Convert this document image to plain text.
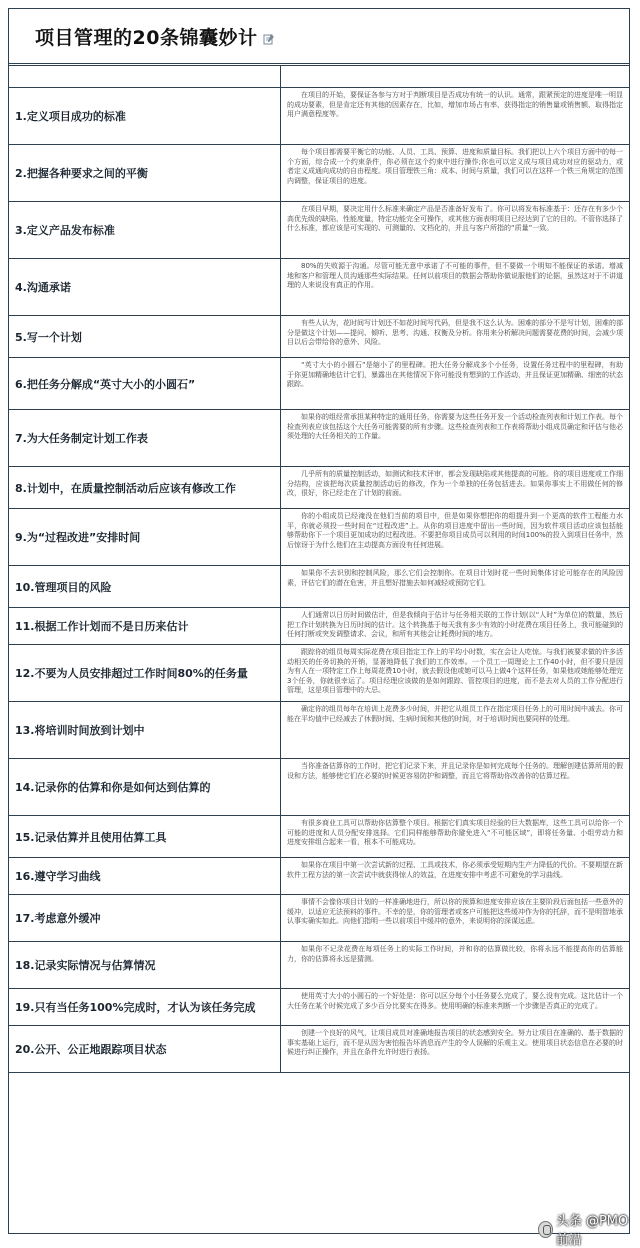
项目管理的20条锦囊妙计
1.定义项目成功的标准
在项目的开始，要保证各参与方对于判断项目是否成功有统一的认识。通常，跟紧预定的进度是唯一明显的成功要素，但是肯定还有其他的因素存在，比如，增加市场占有率、获得指定的销售量或销售额、取得指定用户满意程度等。
2.把握各种要求之间的平衡
每个项目都需要平衡它的功能、人员、工具、预算、进度和质量目标。我们把以上六个项目方面中的每一个方面，综合成一个约束条件，你必须在这个约束中进行操作;你也可以定义成与项目成功对应的驱动力，或者定义成通向成功的自由程度。项目管理铁三角：成本、时间与质量，我们可以在这样一个铁三角规定的范围内调整，保证项目的进度。
3.定义产品发布标准
在项目早期，要决定用什么标准来确定产品是否准备好发布了。你可以将发布标准基于：还存在有多少个高优先级的缺陷，性能度量，特定功能完全可操作，或其他方面表明项目已经达到了它的目的。不管你选择了什么标准，都应该是可实现的、可测量的、文档化的，并且与客户所指的“质量”一致。
4.沟通承诺
80%的失败源于沟通。尽管可能无意中承诺了不可能的事件，但不要做一个明知不能保证的承诺。增减地和客户和管理人员沟通那些实际结果。任何以前项目的数据会帮助你做说服他们的论据，虽然这对于不讲道理的人来说没有真正的作用。
5.写一个计划
有些人认为，花时间写计划还不如花时间写代码，但是我不这么认为。困难的部分不是写计划，困难的部分是做这个计划——提问、倾听、思考、沟通、权衡及分析。你用来分析解决问题需要花费的时间，会减少项目以后会带给你的意外、风险。
6.把任务分解成“英寸大小的小圆石”
“英寸大小的小圆石”是缩小了的里程碑。把大任务分解成多个小任务，设置任务过程中的里程碑，有助于你更加精确地估计它们，暴露出在其他情况下你可能没有想到的工作活动，并且保证更加精确、细密的状态跟踪。
7.为大任务制定计划工作表
如果你的组经常承担某种特定的通用任务，你需要为这些任务开发一个活动检查列表和计划工作表。每个检查列表应该包括这个大任务可能需要的所有步骤。这些检查列表和工作表将帮助小组成员确定和评估与他必须处理的大任务相关的工作量。
8.计划中，在质量控制活动后应该有修改工作
几乎所有的质量控制活动，如测试和技术评审，都会发现缺陷或其他提高的可能。你的项目进度或工作细分结构，应该把每次质量控制活动后的修改，作为一个单独的任务包括进去。如果你事实上不用做任何的修改，很好，你已经走在了计划的前面。
9.为“过程改进”安排时间
你的小组成员已经淹没在他们当前的项目中，但是如果你想把你的组提升到一个更高的软件工程能力水平，你就必须投一些时间在“过程改进”上。从你的项目进度中留出一些时间，因为软件项目活动应该包括能够帮助你下一个项目更加成功的过程改进。不要把你项目成员可以利用的时间100%的投入到项目任务中，然后惊讶于为什么他们在主动提高方面没有任何进展。
10.管理项目的风险
如果你不去识别和控制风险，那么它们会控制你。在项目计划时花一些时间集体讨论可能存在的风险因素，评估它们的潜在危害，并且想好措施去如何减轻或预防它们。
11.根据工作计划而不是日历来估计
人们通常以日历时间做估计，但是我倾向于估计与任务相关联的工作计划(以“人时”为单位)的数量，然后把工作计划转换为日历时间的估计。这个转换基于每天我有多少有效的小时花费在项目任务上，我可能碰到的任何打断或突发调整请求、会议，和所有其他会让耗费时间的地方。
12.不要为人员安排超过工作时间80%的任务量
跟踪你的组员每周实际花费在项目指定工作上的平均小时数，实在会让人吃惊。与我们被要求做的许多活动相关的任务切换的开销，显著地降低了我们的工作效率。一个员工一周理论上工作40小时，但不要只是因为有人在一项特定工作上每周花费10小时，就去假设他或她可以马上做4个这样任务，如果他或她能够处理完3个任务，你就很幸运了。项目经理应该做的是如何跟踪、管控项目的进度，而不是去对人员的工作分配进行管理，这是项目管理中的大忌。
13.将培训时间放到计划中
确定你的组员每年在培训上花费多少时间，并把它从组员工作在指定项目任务上的可用时间中减去。你可能在平均值中已经减去了休假时间、生病时间和其他的时间，对于培训时间也要同样的处理。
14.记录你的估算和你是如何达到估算的
当你准备估算你的工作时，把它们记录下来，并且记录你是如何完成每个任务的。理解创建估算所用的假设和方法，能够使它们在必要的时候更容易防护和调整，而且它将帮助你改善你的估算过程。
15.记录估算并且使用估算工具
有很多商业工具可以帮助你估算整个项目。根据它们真实项目经验的巨大数据库，这些工具可以给你一个可能的进度和人员分配安排选择。它们同样能够帮助你避免进入“不可能区域”，即将任务量、小组劳动力和进度安排组合起来一看，根本不可能成功。
16.遵守学习曲线
如果你在项目中第一次尝试新的过程、工具或技术，你必须承受短期内生产力降低的代价。不要期望在新软件工程方法的第一次尝试中就获得惊人的效益，在进度安排中考虑不可避免的学习曲线。
17.考虑意外缓冲
事情不会像你项目计划的一样准确地进行，所以你的预算和进度安排应该在主要阶段后面包括一些意外的缓冲，以适应无法预料的事件。不幸的是，你的管理者或客户可能把这些缓冲作为你的托辞，而不是明智地承认事实确实如此。向他们指明一些以前项目中缓冲的意外，来说明你的深谋远虑。
18.记录实际情况与估算情况
如果你不记录花费在每项任务上的实际工作时间，并和你的估算做比较，你将永远不能提高你的估算能力，你的估算将永远是猜测。
19.只有当任务100%完成时，才认为该任务完成
使用英寸大小的小圆石的一个好处是：你可以区分每个小任务要么完成了，要么没有完成。这比估计一个大任务在某个时候完成了多少百分比要实在得多。使用明确的标准来判断一个步骤是否真正的完成了。
20.公开、公正地跟踪项目状态
创建一个良好的风气，让项目成员对准确地报告项目的状态感到安全。努力让项目在准确的、基于数据的事实基础上运行，而不是从因为害怕报告坏消息而产生的令人误解的乐观主义。使用项目状态信息在必要的时候进行纠正操作，并且在条件允许时进行表扬。
头条 @PMO前沿
